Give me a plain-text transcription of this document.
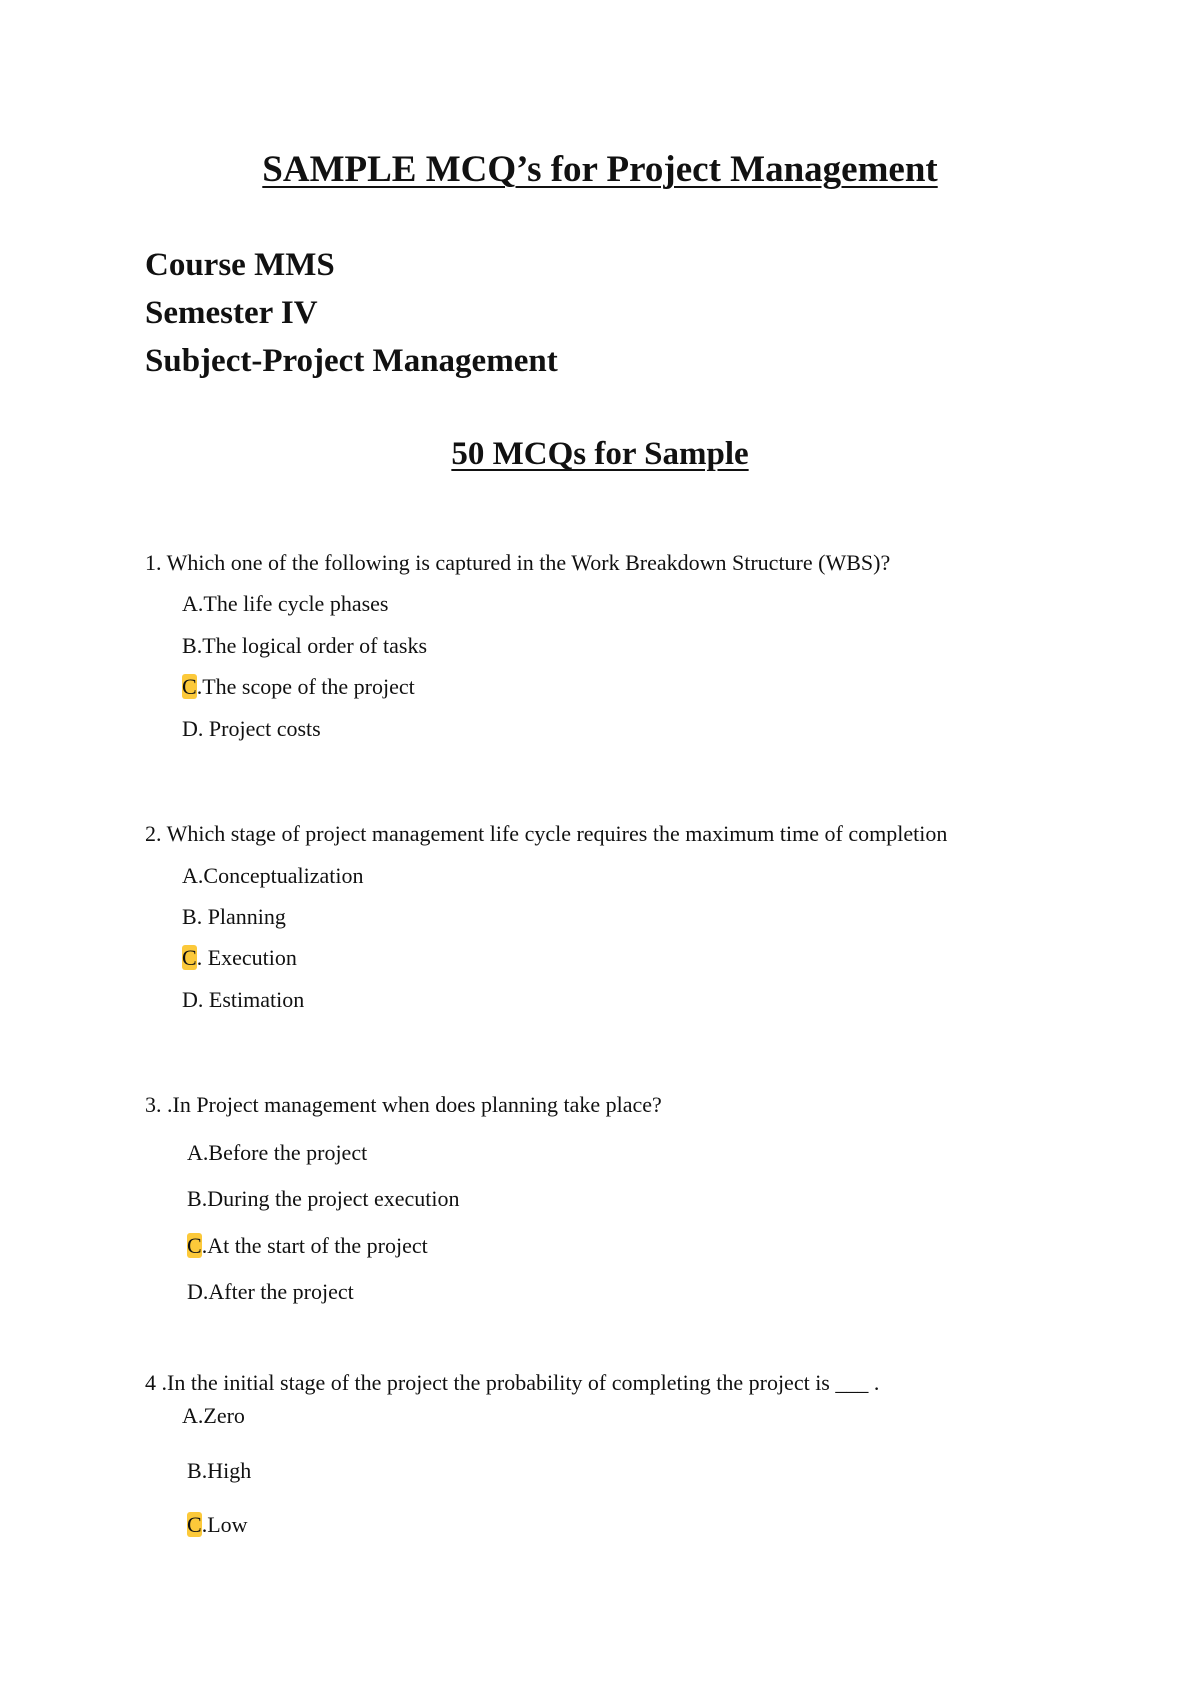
SAMPLE MCQ’s for Project Management
Course MMS
Semester IV
Subject-Project Management
50 MCQs for Sample
1. Which one of the following is captured in the Work Breakdown Structure (WBS)?
A.The life cycle phases
B.The logical order of tasks
C.The scope of the project
D. Project costs
2. Which stage of project management life cycle requires the maximum time of completion
A.Conceptualization
B. Planning
C. Execution
D. Estimation
3. .In Project management when does planning take place?
A.Before the project
B.During the project execution
C.At the start of the project
D.After the project
4 .In the initial stage of the project the probability of completing the project is ___ .
A.Zero
B.High
C.Low
